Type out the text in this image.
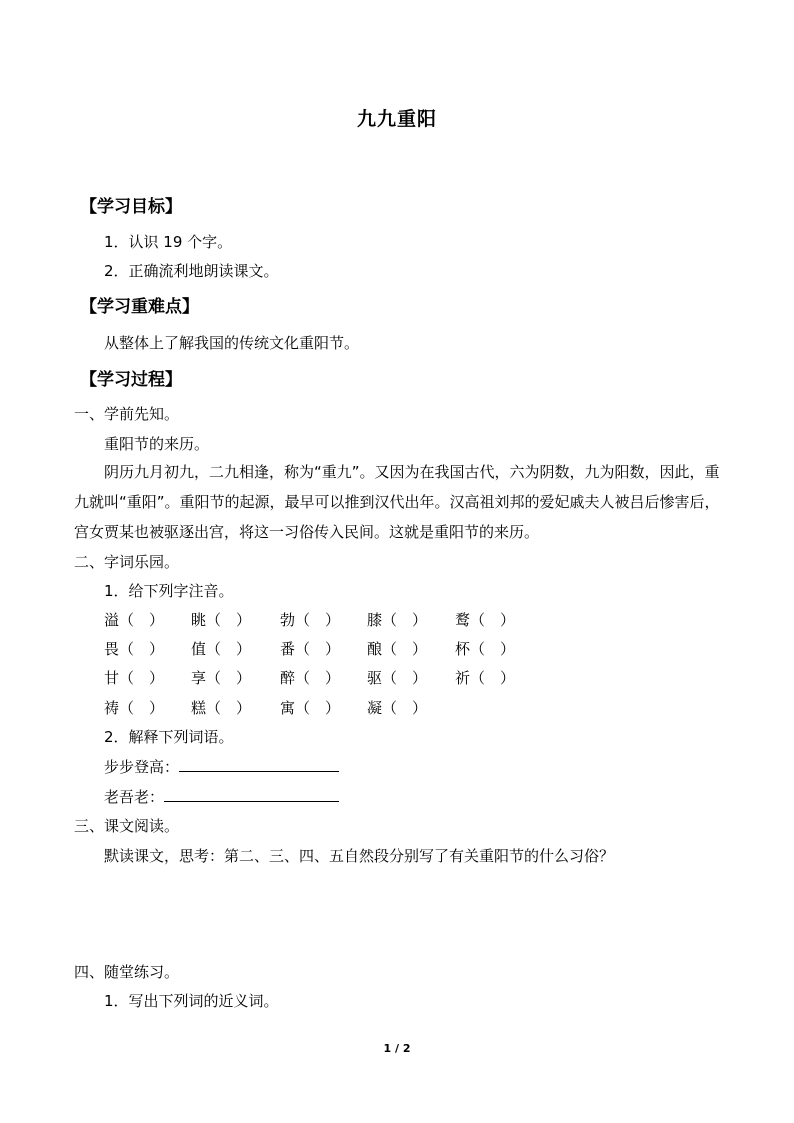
九九重阳
【学习目标】
1．认识 19 个字。
2．正确流利地朗读课文。
【学习重难点】
从整体上了解我国的传统文化重阳节。
【学习过程】
一、学前先知。
重阳节的来历。
阴历九月初九，二九相逢，称为“重九”。又因为在我国古代，六为阴数，九为阳数，因此，重九就叫“重阳”。重阳节的起源，最早可以推到汉代出年。汉高祖刘邦的爱妃戚夫人被吕后惨害后，宫女贾某也被驱逐出宫，将这一习俗传入民间。这就是重阳节的来历。
二、字词乐园。
1．给下列字注音。
溢（　） 眺（　） 勃（　） 膝（　） 鹜（　）
畏（　） 值（　） 番（　） 酿（　） 杯（　）
甘（　） 享（　） 醉（　） 驱（　） 祈（　）
祷（　） 糕（　） 寓（　） 凝（　）
2．解释下列词语。
步步登高：
老吾老：
三、课文阅读。
默读课文，思考：第二、三、四、五自然段分别写了有关重阳节的什么习俗？
四、随堂练习。
1．写出下列词的近义词。
1 / 2
